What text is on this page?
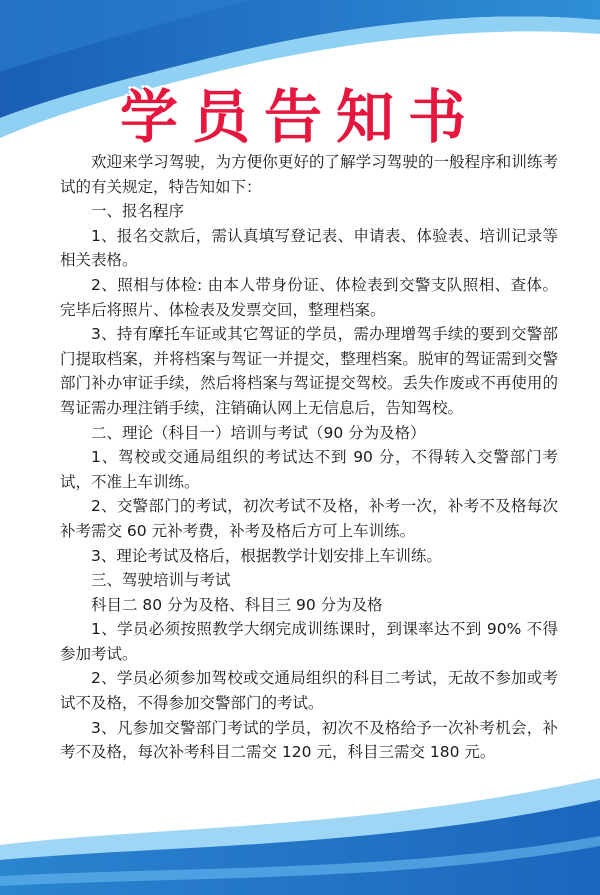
学员告知书

欢迎来学习驾驶，为方便你更好的了解学习驾驶的一般程序和训练考试的有关规定，特告知如下：

一、报名程序

1、报名交款后，需认真填写登记表、申请表、体验表、培训记录等相关表格。

2、照相与体检: 由本人带身份证、体检表到交警支队照相、查体。完毕后将照片、体检表及发票交回，整理档案。

3、持有摩托车证或其它驾证的学员，需办理增驾手续的要到交警部门提取档案，并将档案与驾证一并提交，整理档案。脱审的驾证需到交警部门补办审证手续，然后将档案与驾证提交驾校。丢失作废或不再使用的驾证需办理注销手续，注销确认网上无信息后，告知驾校。

二、理论（科目一）培训与考试（90 分为及格）

1、驾校或交通局组织的考试达不到 90 分，不得转入交警部门考试，不准上车训练。

2、交警部门的考试，初次考试不及格，补考一次，补考不及格每次补考需交 60 元补考费，补考及格后方可上车训练。

3、理论考试及格后，根据教学计划安排上车训练。

三、驾驶培训与考试

科目二 80 分为及格、科目三 90 分为及格

1、学员必须按照教学大纲完成训练课时，到课率达不到 90% 不得参加考试。

2、学员必须参加驾校或交通局组织的科目二考试，无故不参加或考试不及格，不得参加交警部门的考试。

3、凡参加交警部门考试的学员，初次不及格给予一次补考机会，补考不及格，每次补考科目二需交 120 元，科目三需交 180 元。
